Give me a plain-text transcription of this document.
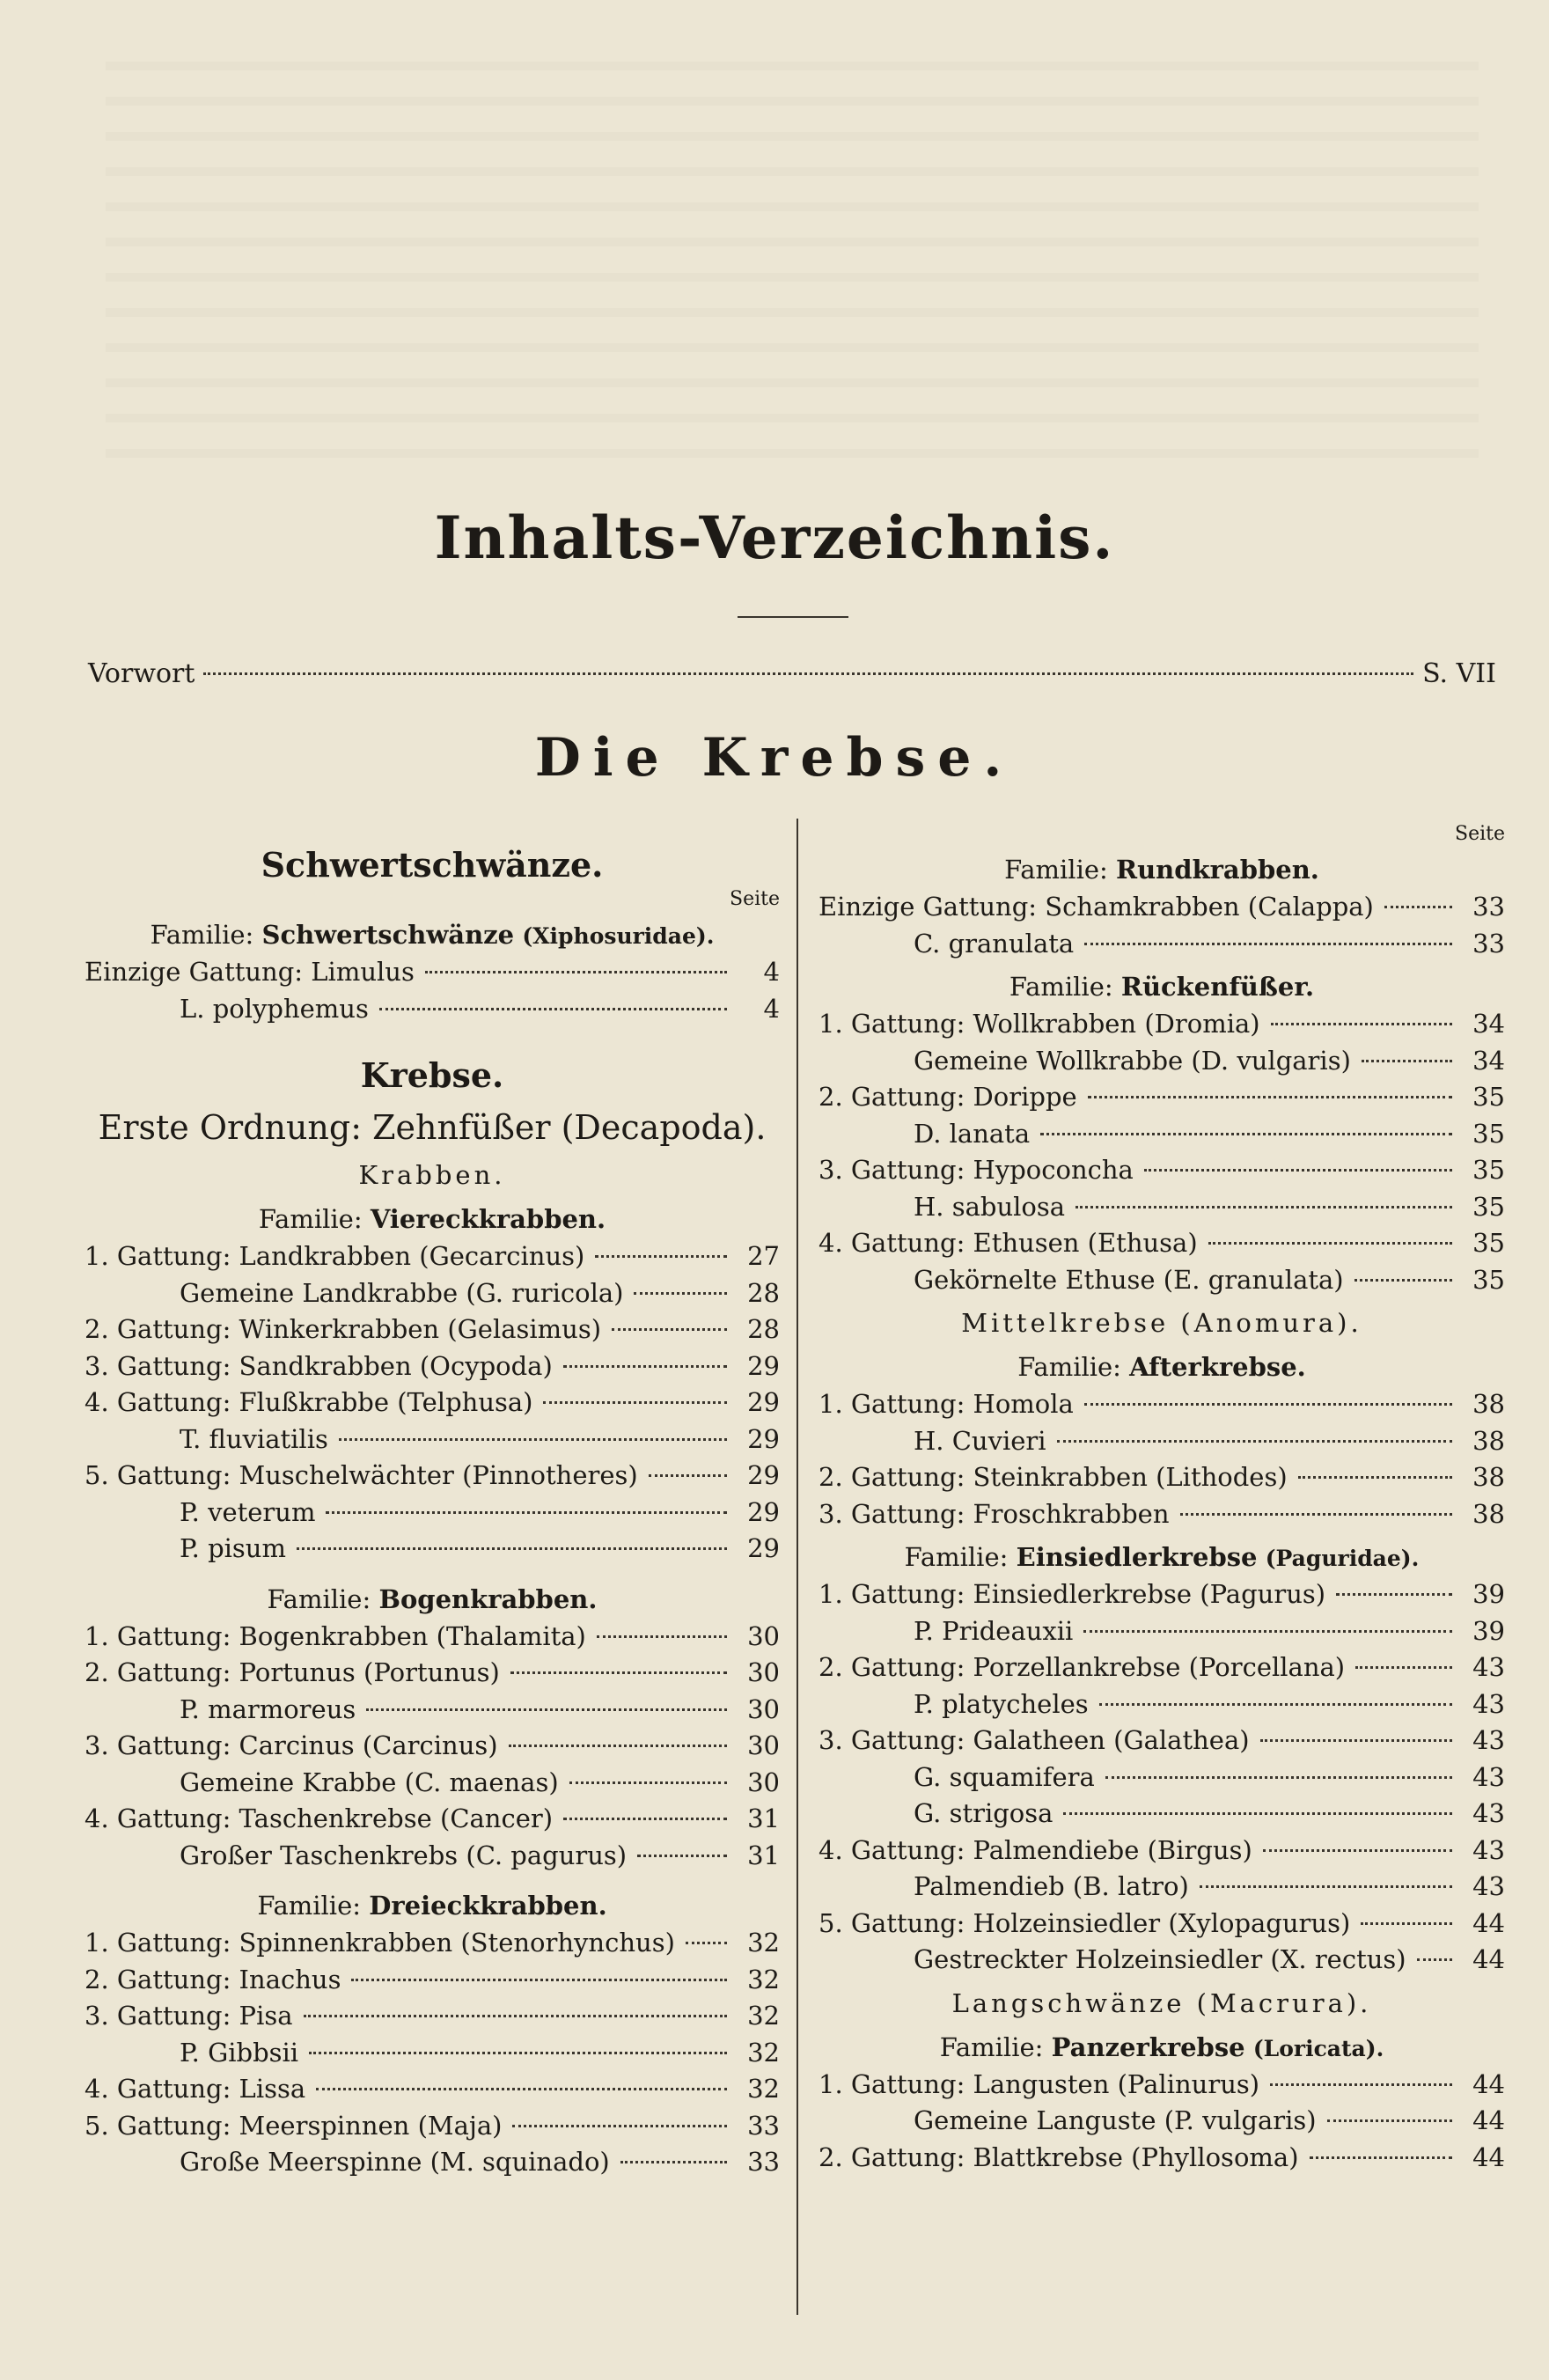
Inhalts-Verzeichnis.
Vorwort	S. VII
Die Krebse.
Schwertschwänze.
Seite
Familie: Schwertschwänze (Xiphosuridae).
Einzige Gattung: Limulus	4
L. polyphemus	4
Krebse.
Erste Ordnung: Zehnfüßer (Decapoda).
Krabben.
Familie: Viereckkrabben.
1. Gattung: Landkrabben (Gecarcinus)	27
Gemeine Landkrabbe (G. ruricola)	28
2. Gattung: Winkerkrabben (Gelasimus)	28
3. Gattung: Sandkrabben (Ocypoda)	29
4. Gattung: Flußkrabbe (Telphusa)	29
T. fluviatilis	29
5. Gattung: Muschelwächter (Pinnotheres)	29
P. veterum	29
P. pisum	29
Familie: Bogenkrabben.
1. Gattung: Bogenkrabben (Thalamita)	30
2. Gattung: Portunus (Portunus)	30
P. marmoreus	30
3. Gattung: Carcinus (Carcinus)	30
Gemeine Krabbe (C. maenas)	30
4. Gattung: Taschenkrebse (Cancer)	31
Großer Taschenkrebs (C. pagurus)	31
Familie: Dreieckkrabben.
1. Gattung: Spinnenkrabben (Stenorhynchus)	32
2. Gattung: Inachus	32
3. Gattung: Pisa	32
P. Gibbsii	32
4. Gattung: Lissa	32
5. Gattung: Meerspinnen (Maja)	33
Große Meerspinne (M. squinado)	33
Seite
Familie: Rundkrabben.
Einzige Gattung: Schamkrabben (Calappa)	33
C. granulata	33
Familie: Rückenfüßer.
1. Gattung: Wollkrabben (Dromia)	34
Gemeine Wollkrabbe (D. vulgaris)	34
2. Gattung: Dorippe	35
D. lanata	35
3. Gattung: Hypoconcha	35
H. sabulosa	35
4. Gattung: Ethusen (Ethusa)	35
Gekörnelte Ethuse (E. granulata)	35
Mittelkrebse (Anomura).
Familie: Afterkrebse.
1. Gattung: Homola	38
H. Cuvieri	38
2. Gattung: Steinkrabben (Lithodes)	38
3. Gattung: Froschkrabben	38
Familie: Einsiedlerkrebse (Paguridae).
1. Gattung: Einsiedlerkrebse (Pagurus)	39
P. Prideauxii	39
2. Gattung: Porzellankrebse (Porcellana)	43
P. platycheles	43
3. Gattung: Galatheen (Galathea)	43
G. squamifera	43
G. strigosa	43
4. Gattung: Palmendiebe (Birgus)	43
Palmendieb (B. latro)	43
5. Gattung: Holzeinsiedler (Xylopagurus)	44
Gestreckter Holzeinsiedler (X. rectus)	44
Langschwänze (Macrura).
Familie: Panzerkrebse (Loricata).
1. Gattung: Langusten (Palinurus)	44
Gemeine Languste (P. vulgaris)	44
2. Gattung: Blattkrebse (Phyllosoma)	44
